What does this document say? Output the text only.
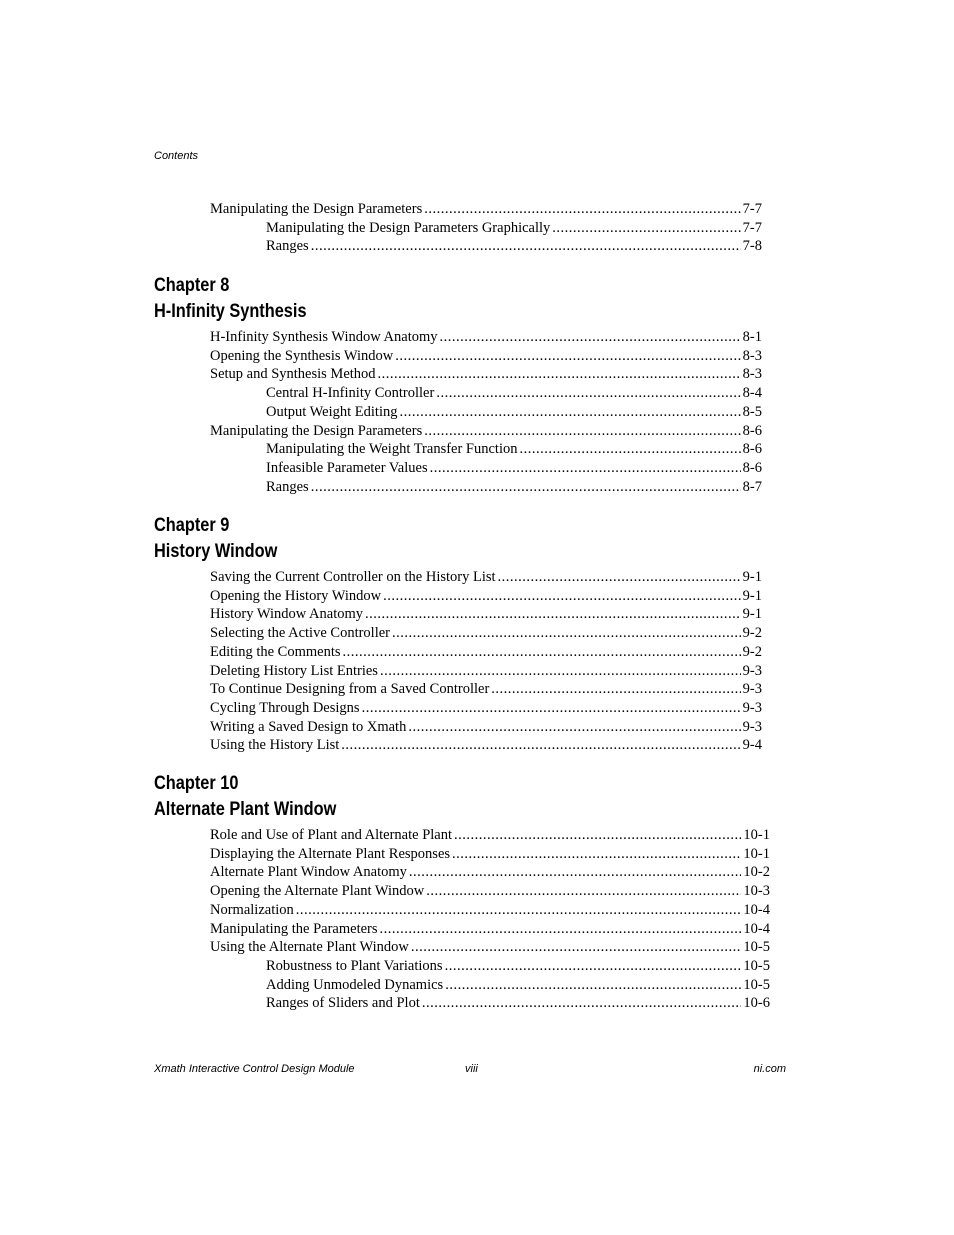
Contents
Manipulating the Design Parameters .....	7-7
Manipulating the Design Parameters Graphically .....	7-7
Ranges .....	7-8
Chapter 8
H-Infinity Synthesis
H-Infinity Synthesis Window Anatomy .....	8-1
Opening the Synthesis Window .....	8-3
Setup and Synthesis Method .....	8-3
Central H-Infinity Controller .....	8-4
Output Weight Editing .....	8-5
Manipulating the Design Parameters .....	8-6
Manipulating the Weight Transfer Function .....	8-6
Infeasible Parameter Values .....	8-6
Ranges .....	8-7
Chapter 9
History Window
Saving the Current Controller on the History List .....	9-1
Opening the History Window .....	9-1
History Window Anatomy .....	9-1
Selecting the Active Controller .....	9-2
Editing the Comments .....	9-2
Deleting History List Entries .....	9-3
To Continue Designing from a Saved Controller .....	9-3
Cycling Through Designs .....	9-3
Writing a Saved Design to Xmath .....	9-3
Using the History List .....	9-4
Chapter 10
Alternate Plant Window
Role and Use of Plant and Alternate Plant .....	10-1
Displaying the Alternate Plant Responses .....	10-1
Alternate Plant Window Anatomy .....	10-2
Opening the Alternate Plant Window .....	10-3
Normalization .....	10-4
Manipulating the Parameters .....	10-4
Using the Alternate Plant Window .....	10-5
Robustness to Plant Variations .....	10-5
Adding Unmodeled Dynamics .....	10-5
Ranges of Sliders and Plot .....	10-6
Xmath Interactive Control Design Module	viii	ni.com
